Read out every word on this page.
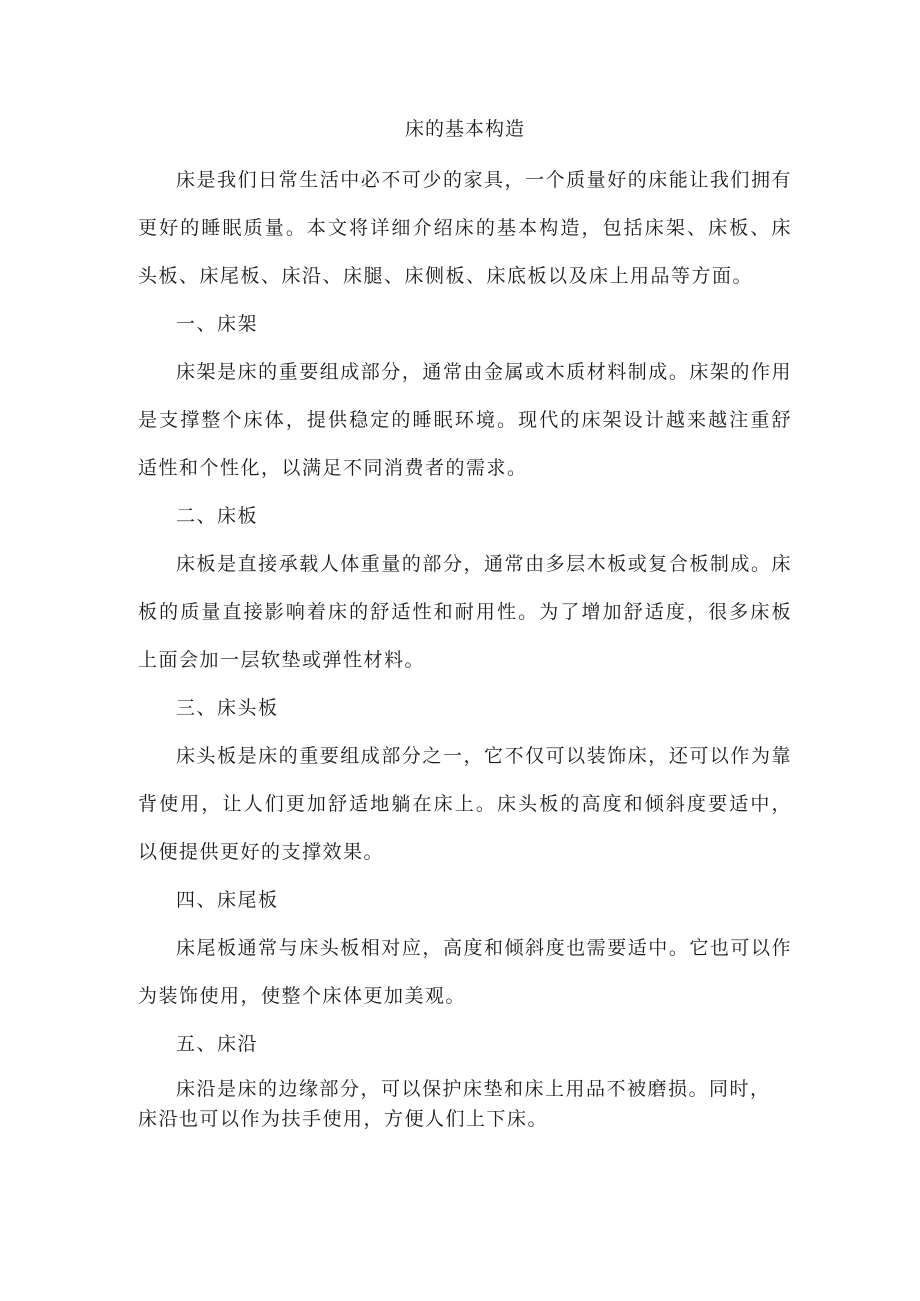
床的基本构造

床是我们日常生活中必不可少的家具，一个质量好的床能让我们拥有更好的睡眠质量。本文将详细介绍床的基本构造，包括床架、床板、床头板、床尾板、床沿、床腿、床侧板、床底板以及床上用品等方面。

一、床架

床架是床的重要组成部分，通常由金属或木质材料制成。床架的作用是支撑整个床体，提供稳定的睡眠环境。现代的床架设计越来越注重舒适性和个性化，以满足不同消费者的需求。

二、床板

床板是直接承载人体重量的部分，通常由多层木板或复合板制成。床板的质量直接影响着床的舒适性和耐用性。为了增加舒适度，很多床板上面会加一层软垫或弹性材料。

三、床头板

床头板是床的重要组成部分之一，它不仅可以装饰床，还可以作为靠背使用，让人们更加舒适地躺在床上。床头板的高度和倾斜度要适中，以便提供更好的支撑效果。

四、床尾板

床尾板通常与床头板相对应，高度和倾斜度也需要适中。它也可以作为装饰使用，使整个床体更加美观。

五、床沿

床沿是床的边缘部分，可以保护床垫和床上用品不被磨损。同时，
床沿也可以作为扶手使用，方便人们上下床。
